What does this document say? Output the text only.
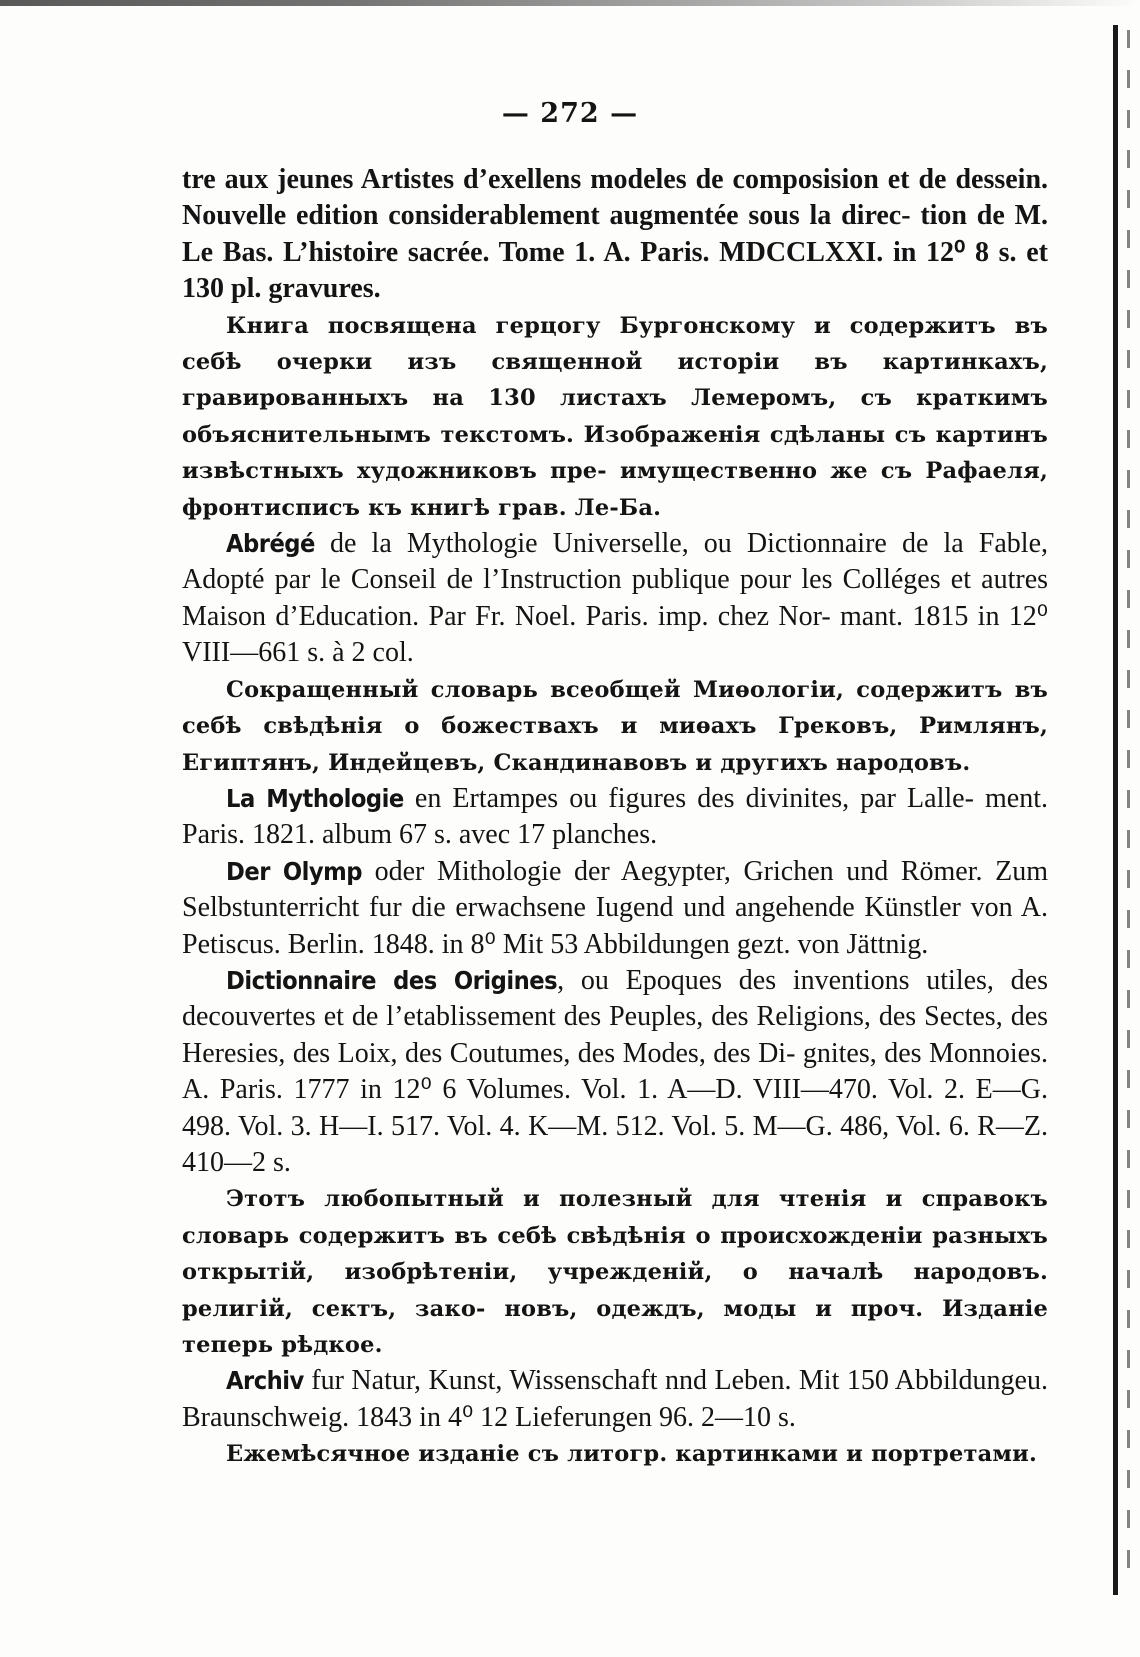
— 272 —

tre aux jeunes Artistes d’exellens modeles de composision et de dessein. Nouvelle edition considerablement augmentée sous la direc- tion de M. Le Bas. L’histoire sacrée. Tome 1. A. Paris. MDCCLXXI. in 12⁰ 8 s. et 130 pl. gravures.

Книга посвящена герцогу Бургонскому и содержитъ въ себѣ очерки изъ священной исторіи въ картинкахъ, гравированныхъ на 130 листахъ Лемеромъ, съ краткимъ объяснительнымъ текстомъ. Изображенія сдѣланы съ картинъ извѣстныхъ художниковъ пре- имущественно же съ Рафаеля, фронтисписъ къ книгѣ грав. Ле-Ба.

Abrégé de la Mythologie Universelle, ou Dictionnaire de la Fable, Adopté par le Conseil de l’Instruction publique pour les Colléges et autres Maison d’Education. Par Fr. Noel. Paris. imp. chez Nor- mant. 1815 in 12⁰ VIII—661 s. à 2 col.

Сокращенный словарь всеобщей Миѳологіи, содержитъ въ себѣ свѣдѣнія о божествахъ и миѳахъ Грековъ, Римлянъ, Египтянъ, Индейцевъ, Скандинавовъ и другихъ народовъ.

La Mythologie en Ertampes ou figures des divinites, par Lalle- ment. Paris. 1821. album 67 s. avec 17 planches.

Der Olymp oder Mithologie der Aegypter, Grichen und Römer. Zum Selbstunterricht fur die erwachsene Iugend und angehende Künstler von A. Petiscus. Berlin. 1848. in 8⁰ Mit 53 Abbildungen gezt. von Jättnig.

Dictionnaire des Origines, ou Epoques des inventions utiles, des decouvertes et de l’etablissement des Peuples, des Religions, des Sectes, des Heresies, des Loix, des Coutumes, des Modes, des Di- gnites, des Monnoies. A. Paris. 1777 in 12⁰ 6 Volumes. Vol. 1. A—D. VIII—470. Vol. 2. E—G. 498. Vol. 3. H—I. 517. Vol. 4. K—M. 512. Vol. 5. M—G. 486, Vol. 6. R—Z. 410—2 s.

Этотъ любопытный и полезный для чтенія и справокъ словарь содержитъ въ себѣ свѣдѣнія о происхожденіи разныхъ открытій, изобрѣтеніи, учрежденій, о началѣ народовъ. религій, сектъ, зако- новъ, одеждъ, моды и проч. Изданіе теперь рѣдкое.

Archiv fur Natur, Kunst, Wissenschaft nnd Leben. Mit 150 Abbildungeu. Braunschweig. 1843 in 4⁰ 12 Lieferungen 96. 2—10 s.

Ежемѣсячное изданіе съ литогр. картинками и портретами.
